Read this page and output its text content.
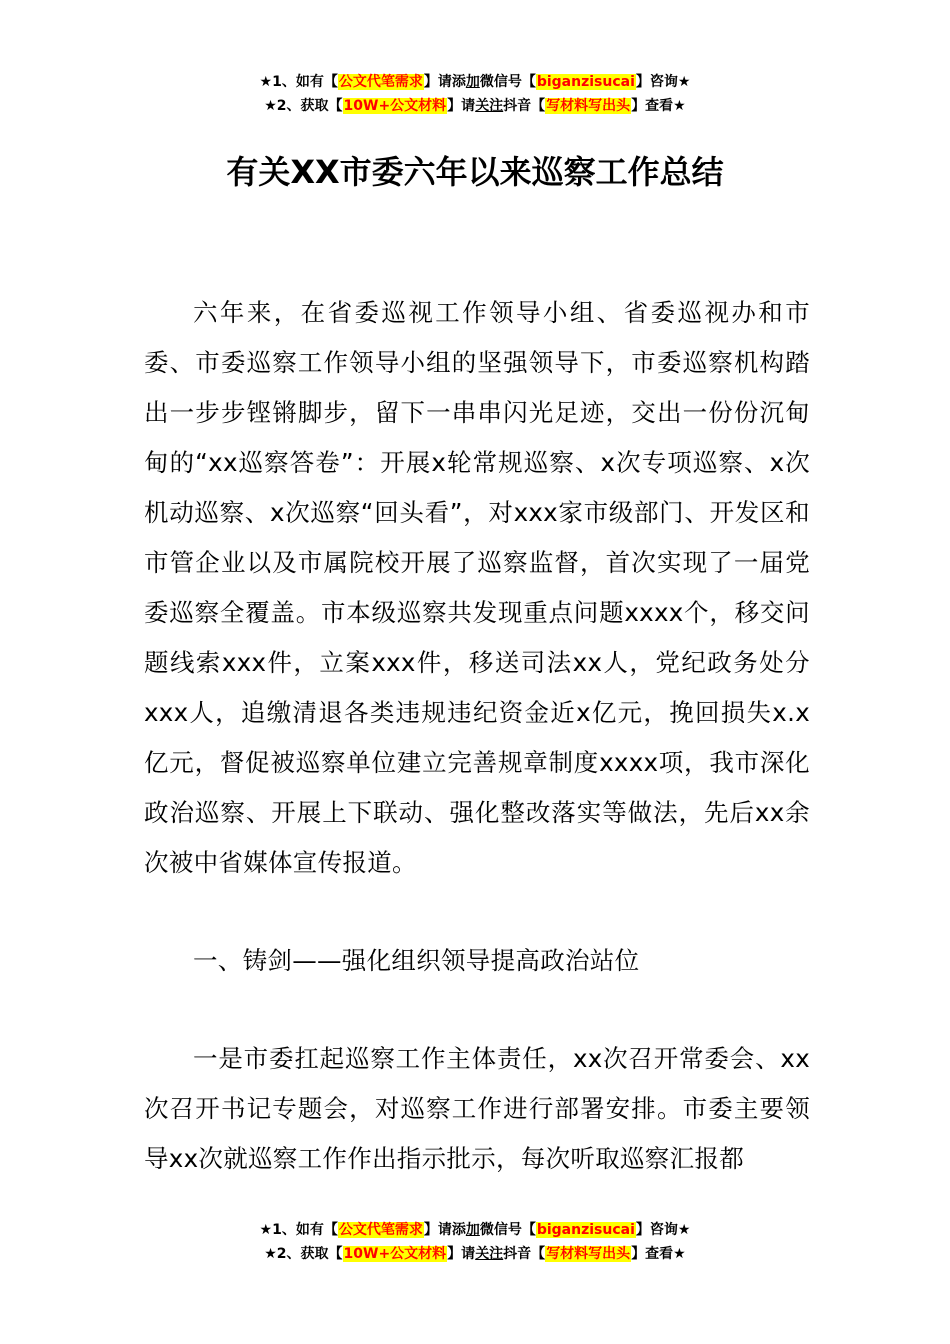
★1、如有【公文代笔需求】请添加微信号【biganzisucai】咨询★
★2、获取【10W+公文材料】请关注抖音【写材料写出头】查看★
有关XX市委六年以来巡察工作总结

六年来，在省委巡视工作领导小组、省委巡视办和市委、市委巡察工作领导小组的坚强领导下，市委巡察机构踏出一步步铿锵脚步，留下一串串闪光足迹，交出一份份沉甸甸的“xx巡察答卷”：开展x轮常规巡察、x次专项巡察、x次机动巡察、x次巡察“回头看”，对xxx家市级部门、开发区和市管企业以及市属院校开展了巡察监督，首次实现了一届党委巡察全覆盖。市本级巡察共发现重点问题xxxx个，移交问题线索xxx件，立案xxx件，移送司法xx人，党纪政务处分xxx人，追缴清退各类违规违纪资金近x亿元，挽回损失x.x亿元，督促被巡察单位建立完善规章制度xxxx项，我市深化政治巡察、开展上下联动、强化整改落实等做法，先后xx余次被中省媒体宣传报道。

一、铸剑——强化组织领导提高政治站位

一是市委扛起巡察工作主体责任，xx次召开常委会、xx次召开书记专题会，对巡察工作进行部署安排。市委主要领导xx次就巡察工作作出指示批示，每次听取巡察汇报都

★1、如有【公文代笔需求】请添加微信号【biganzisucai】咨询★
★2、获取【10W+公文材料】请关注抖音【写材料写出头】查看★
